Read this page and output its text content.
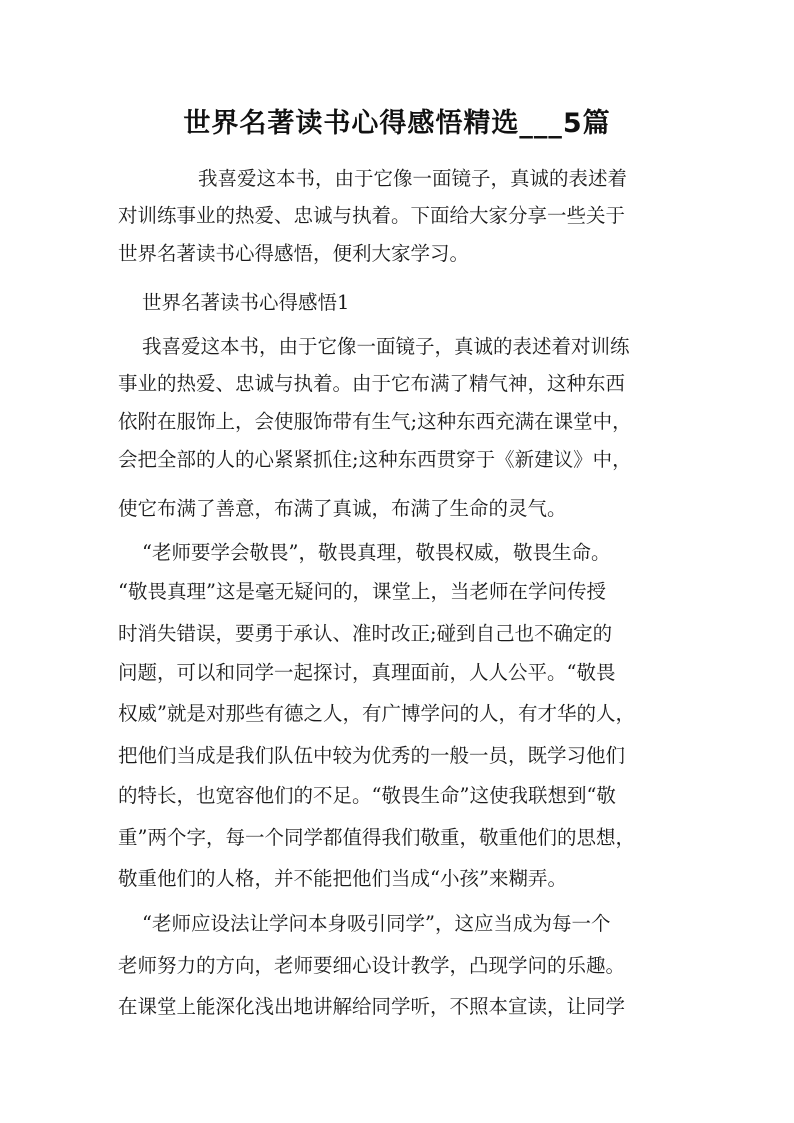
世界名著读书心得感悟精选___5篇

我喜爱这本书，由于它像一面镜子，真诚的表述着

对训练事业的热爱、忠诚与执着。下面给大家分享一些关于

世界名著读书心得感悟，便利大家学习。

世界名著读书心得感悟1

我喜爱这本书，由于它像一面镜子，真诚的表述着对训练

事业的热爱、忠诚与执着。由于它布满了精气神，这种东西

依附在服饰上，会使服饰带有生气;这种东西充满在课堂中，

会把全部的人的心紧紧抓住;这种东西贯穿于《新建议》中，

使它布满了善意，布满了真诚，布满了生命的灵气。

“老师要学会敬畏”，敬畏真理，敬畏权威，敬畏生命。

“敬畏真理”这是毫无疑问的，课堂上，当老师在学问传授

时消失错误，要勇于承认、准时改正;碰到自己也不确定的

问题，可以和同学一起探讨，真理面前，人人公平。“敬畏

权威”就是对那些有德之人，有广博学问的人，有才华的人，

把他们当成是我们队伍中较为优秀的一般一员，既学习他们

的特长，也宽容他们的不足。“敬畏生命”这使我联想到“敬

重”两个字，每一个同学都值得我们敬重，敬重他们的思想，

敬重他们的人格，并不能把他们当成“小孩”来糊弄。

“老师应设法让学问本身吸引同学”，这应当成为每一个

老师努力的方向，老师要细心设计教学，凸现学问的乐趣。

在课堂上能深化浅出地讲解给同学听，不照本宣读，让同学
